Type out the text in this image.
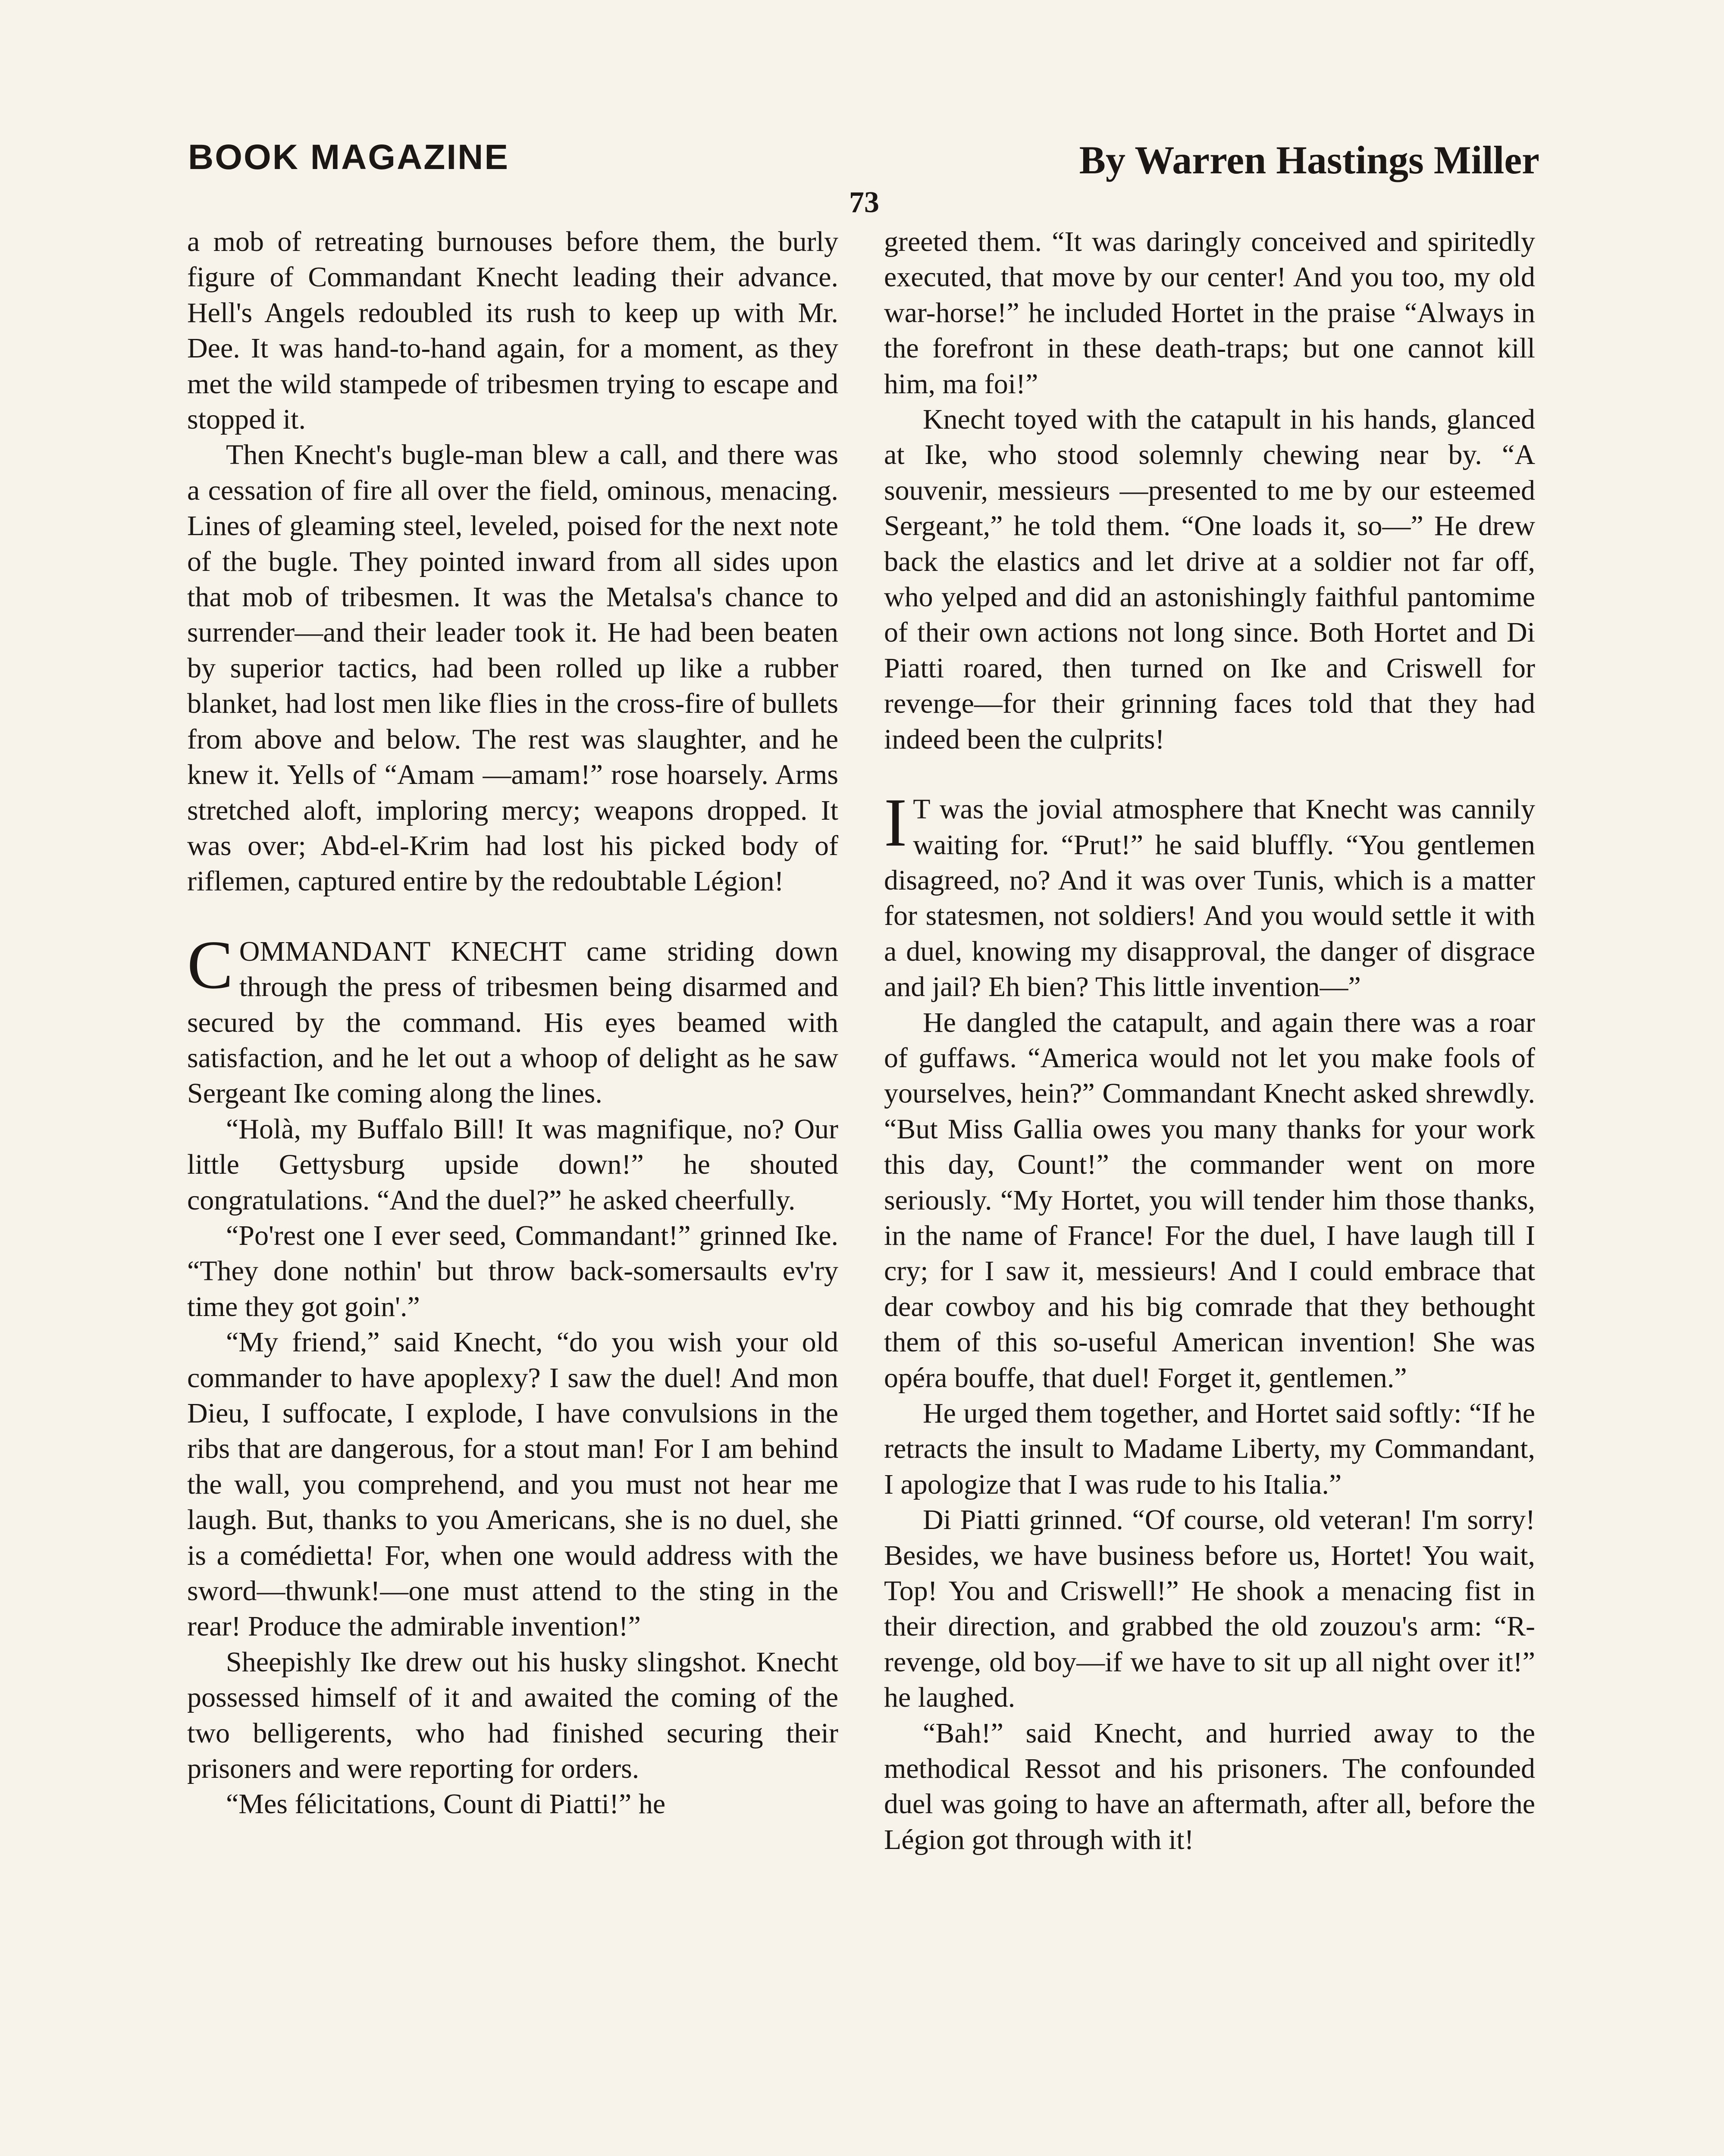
BOOK MAGAZINE	By Warren Hastings Miller
73

a mob of retreating burnouses before them, the burly figure of Commandant Knecht leading their advance. Hell's Angels redoubled its rush to keep up with Mr. Dee. It was hand-to-hand again, for a moment, as they met the wild stampede of tribesmen trying to escape and stopped it.

Then Knecht's bugle-man blew a call, and there was a cessation of fire all over the field, ominous, menacing. Lines of gleaming steel, leveled, poised for the next note of the bugle. They pointed inward from all sides upon that mob of tribesmen. It was the Metalsa's chance to surrender—and their leader took it. He had been beaten by superior tactics, had been rolled up like a rubber blanket, had lost men like flies in the cross-fire of bullets from above and below. The rest was slaughter, and he knew it. Yells of “Amam —amam!” rose hoarsely. Arms stretched aloft, imploring mercy; weapons dropped. It was over; Abd-el-Krim had lost his picked body of riflemen, captured entire by the redoubtable Légion!

COMMANDANT KNECHT came striding down through the press of tribesmen being disarmed and secured by the command. His eyes beamed with satisfaction, and he let out a whoop of delight as he saw Sergeant Ike coming along the lines.

“Holà, my Buffalo Bill! It was magnifique, no? Our little Gettysburg upside down!” he shouted congratulations. “And the duel?” he asked cheerfully.

“Po'rest one I ever seed, Commandant!” grinned Ike. “They done nothin' but throw back-somersaults ev'ry time they got goin'.”

“My friend,” said Knecht, “do you wish your old commander to have apoplexy? I saw the duel! And mon Dieu, I suffocate, I explode, I have convulsions in the ribs that are dangerous, for a stout man! For I am behind the wall, you comprehend, and you must not hear me laugh. But, thanks to you Americans, she is no duel, she is a comédietta! For, when one would address with the sword—thwunk!—one must attend to the sting in the rear! Produce the admirable invention!”

Sheepishly Ike drew out his husky slingshot. Knecht possessed himself of it and awaited the coming of the two belligerents, who had finished securing their prisoners and were reporting for orders.

“Mes félicitations, Count di Piatti!” he

greeted them. “It was daringly conceived and spiritedly executed, that move by our center! And you too, my old war-horse!” he included Hortet in the praise “Always in the forefront in these death-traps; but one cannot kill him, ma foi!”

Knecht toyed with the catapult in his hands, glanced at Ike, who stood solemnly chewing near by. “A souvenir, messieurs —presented to me by our esteemed Sergeant,” he told them. “One loads it, so—” He drew back the elastics and let drive at a soldier not far off, who yelped and did an astonishingly faithful pantomime of their own actions not long since. Both Hortet and Di Piatti roared, then turned on Ike and Criswell for revenge—for their grinning faces told that they had indeed been the culprits!

I T was the jovial atmosphere that Knecht was cannily waiting for. “Prut!” he said bluffly. “You gentlemen disagreed, no? And it was over Tunis, which is a matter for statesmen, not soldiers! And you would settle it with a duel, knowing my disapproval, the danger of disgrace and jail? Eh bien? This little invention—”

He dangled the catapult, and again there was a roar of guffaws. “America would not let you make fools of yourselves, hein?” Commandant Knecht asked shrewdly. “But Miss Gallia owes you many thanks for your work this day, Count!” the commander went on more seriously. “My Hortet, you will tender him those thanks, in the name of France! For the duel, I have laugh till I cry; for I saw it, messieurs! And I could embrace that dear cowboy and his big comrade that they bethought them of this so-useful American invention! She was opéra bouffe, that duel! Forget it, gentlemen.”

He urged them together, and Hortet said softly: “If he retracts the insult to Madame Liberty, my Commandant, I apologize that I was rude to his Italia.”

Di Piatti grinned. “Of course, old veteran! I'm sorry! Besides, we have business before us, Hortet! You wait, Top! You and Criswell!” He shook a menacing fist in their direction, and grabbed the old zouzou's arm: “R-revenge, old boy—if we have to sit up all night over it!” he laughed.

“Bah!” said Knecht, and hurried away to the methodical Ressot and his prisoners. The confounded duel was going to have an aftermath, after all, before the Légion got through with it!
